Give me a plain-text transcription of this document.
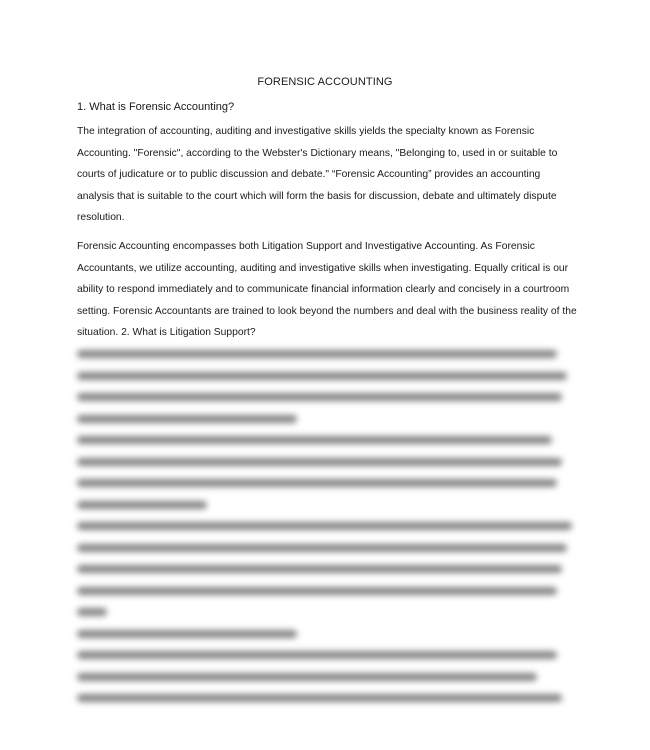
FORENSIC ACCOUNTING
1. What is Forensic Accounting?

The integration of accounting, auditing and investigative skills yields the specialty known as Forensic Accounting. "Forensic", according to the Webster's Dictionary means, "Belonging to, used in or suitable to courts of judicature or to public discussion and debate." “Forensic Accounting” provides an accounting analysis that is suitable to the court which will form the basis for discussion, debate and ultimately dispute resolution.

Forensic Accounting encompasses both Litigation Support and Investigative Accounting. As Forensic Accountants, we utilize accounting, auditing and investigative skills when investigating. Equally critical is our ability to respond immediately and to communicate financial information clearly and concisely in a courtroom setting. Forensic Accountants are trained to look beyond the numbers and deal with the business reality of the situation. 2. What is Litigation Support?
